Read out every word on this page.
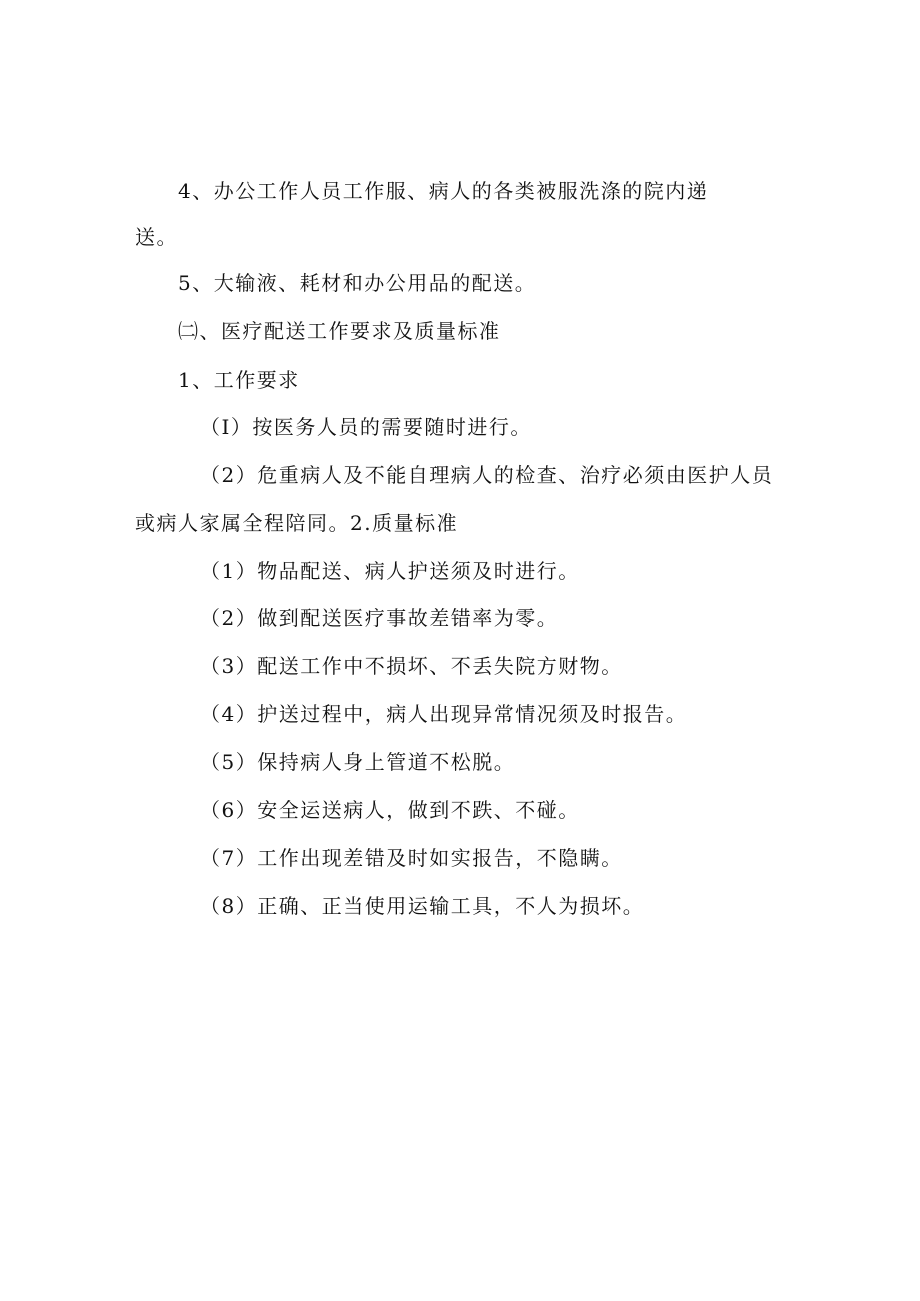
4、办公工作人员工作服、病人的各类被服洗涤的院内递
送。
5、大输液、耗材和办公用品的配送。
㈡、医疗配送工作要求及质量标准
1、工作要求
（I）按医务人员的需要随时进行。
（2）危重病人及不能自理病人的检查、治疗必须由医护人员
或病人家属全程陪同。2.质量标准
（1）物品配送、病人护送须及时进行。
（2）做到配送医疗事故差错率为零。
（3）配送工作中不损坏、不丢失院方财物。
（4）护送过程中，病人出现异常情况须及时报告。
（5）保持病人身上管道不松脱。
（6）安全运送病人，做到不跌、不碰。
（7）工作出现差错及时如实报告，不隐瞒。
（8）正确、正当使用运输工具，不人为损坏。
